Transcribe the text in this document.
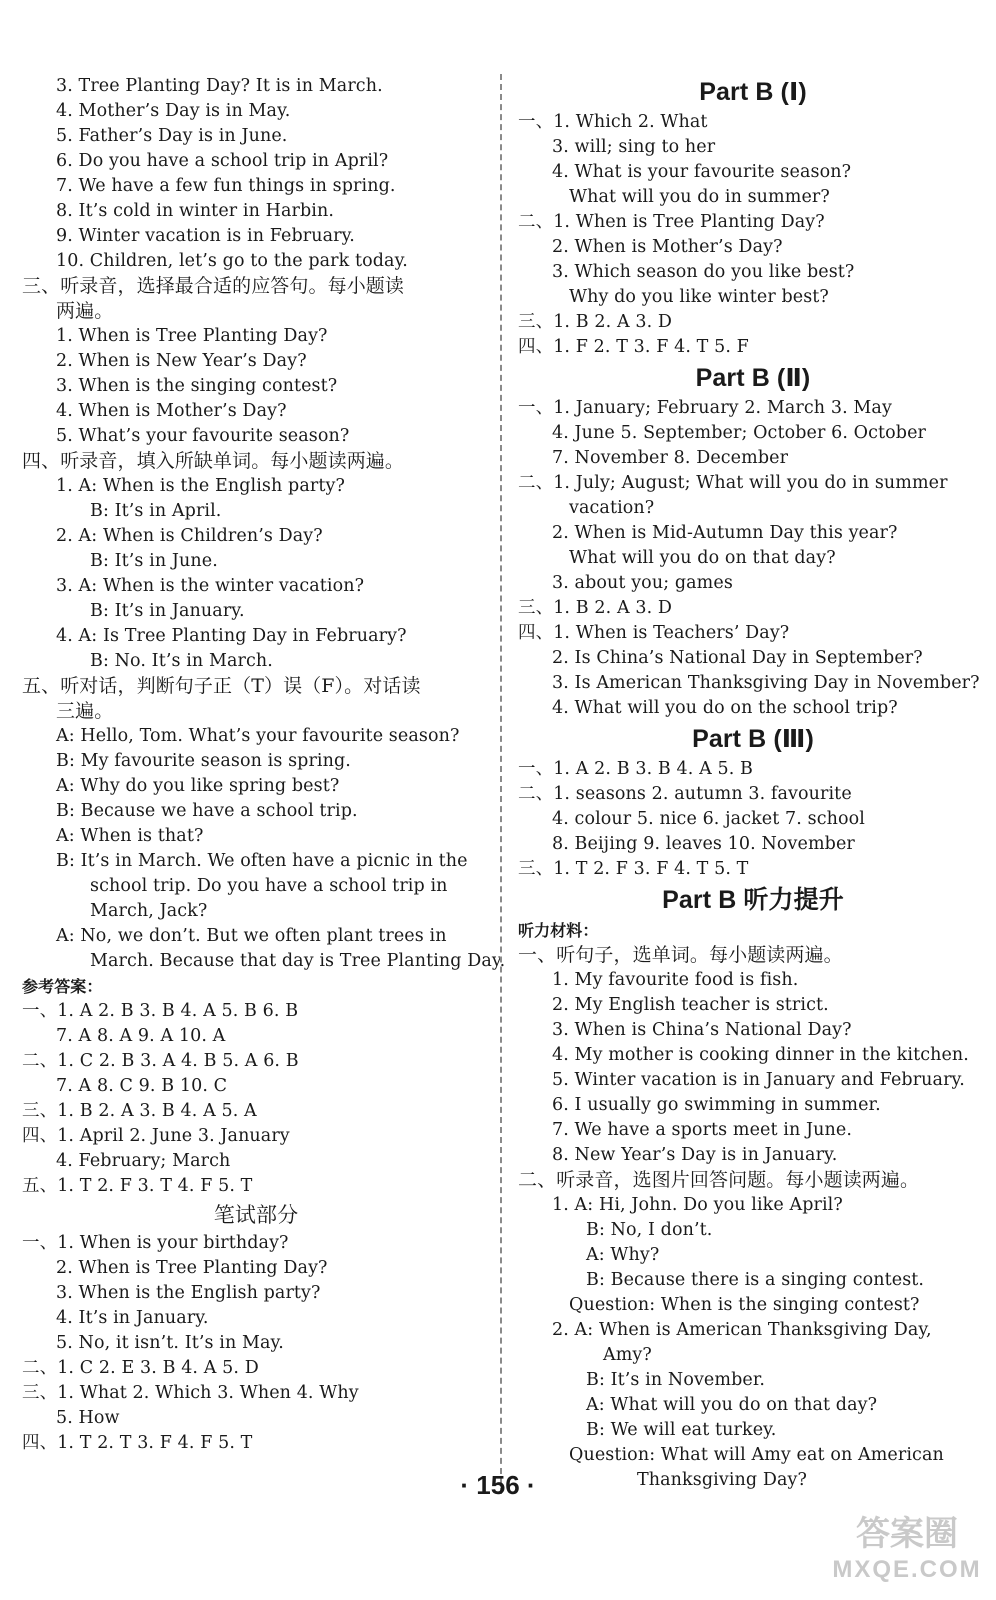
3. Tree Planting Day? It is in March.
4. Mother’s Day is in May.
5. Father’s Day is in June.
6. Do you have a school trip in April?
7. We have a few fun things in spring.
8. It’s cold in winter in Harbin.
9. Winter vacation is in February.
10. Children, let’s go to the park today.
三、听录音，选择最合适的应答句。每小题读
两遍。
1. When is Tree Planting Day?
2. When is New Year’s Day?
3. When is the singing contest?
4. When is Mother’s Day?
5. What’s your favourite season?
四、听录音，填入所缺单词。每小题读两遍。
1. A: When is the English party?
B: It’s in April.
2. A: When is Children’s Day?
B: It’s in June.
3. A: When is the winter vacation?
B: It’s in January.
4. A: Is Tree Planting Day in February?
B: No. It’s in March.
五、听对话，判断句子正（T）误（F）。对话读
三遍。
A: Hello, Tom. What’s your favourite season?
B: My favourite season is spring.
A: Why do you like spring best?
B: Because we have a school trip.
A: When is that?
B: It’s in March. We often have a picnic in the
school trip. Do you have a school trip in
March, Jack?
A: No, we don’t. But we often plant trees in
March. Because that day is Tree Planting Day.
参考答案：
一、1. A 2. B 3. B 4. A 5. B 6. B
7. A 8. A 9. A 10. A
二、1. C 2. B 3. A 4. B 5. A 6. B
7. A 8. C 9. B 10. C
三、1. B 2. A 3. B 4. A 5. A
四、1. April 2. June 3. January
4. February; March
五、1. T 2. F 3. T 4. F 5. T
笔试部分
一、1. When is your birthday?
2. When is Tree Planting Day?
3. When is the English party?
4. It’s in January.
5. No, it isn’t. It’s in May.
二、1. C 2. E 3. B 4. A 5. D
三、1. What 2. Which 3. When 4. Why
5. How
四、1. T 2. T 3. F 4. F 5. T
Part B (Ⅰ)
一、1. Which 2. What
3. will; sing to her
4. What is your favourite season?
What will you do in summer?
二、1. When is Tree Planting Day?
2. When is Mother’s Day?
3. Which season do you like best?
Why do you like winter best?
三、1. B 2. A 3. D
四、1. F 2. T 3. F 4. T 5. F
Part B (Ⅱ)
一、1. January; February 2. March 3. May
4. June 5. September; October 6. October
7. November 8. December
二、1. July; August; What will you do in summer
vacation?
2. When is Mid-Autumn Day this year?
What will you do on that day?
3. about you; games
三、1. B 2. A 3. D
四、1. When is Teachers’ Day?
2. Is China’s National Day in September?
3. Is American Thanksgiving Day in November?
4. What will you do on the school trip?
Part B (Ⅲ)
一、1. A 2. B 3. B 4. A 5. B
二、1. seasons 2. autumn 3. favourite
4. colour 5. nice 6. jacket 7. school
8. Beijing 9. leaves 10. November
三、1. T 2. F 3. F 4. T 5. T
Part B 听力提升
听力材料：
一、听句子，选单词。每小题读两遍。
1. My favourite food is fish.
2. My English teacher is strict.
3. When is China’s National Day?
4. My mother is cooking dinner in the kitchen.
5. Winter vacation is in January and February.
6. I usually go swimming in summer.
7. We have a sports meet in June.
8. New Year’s Day is in January.
二、听录音，选图片回答问题。每小题读两遍。
1. A: Hi, John. Do you like April?
B: No, I don’t.
A: Why?
B: Because there is a singing contest.
Question: When is the singing contest?
2. A: When is American Thanksgiving Day,
Amy?
B: It’s in November.
A: What will you do on that day?
B: We will eat turkey.
Question: What will Amy eat on American
Thanksgiving Day?
· 156 ·
答案圈
MXQE.COM
